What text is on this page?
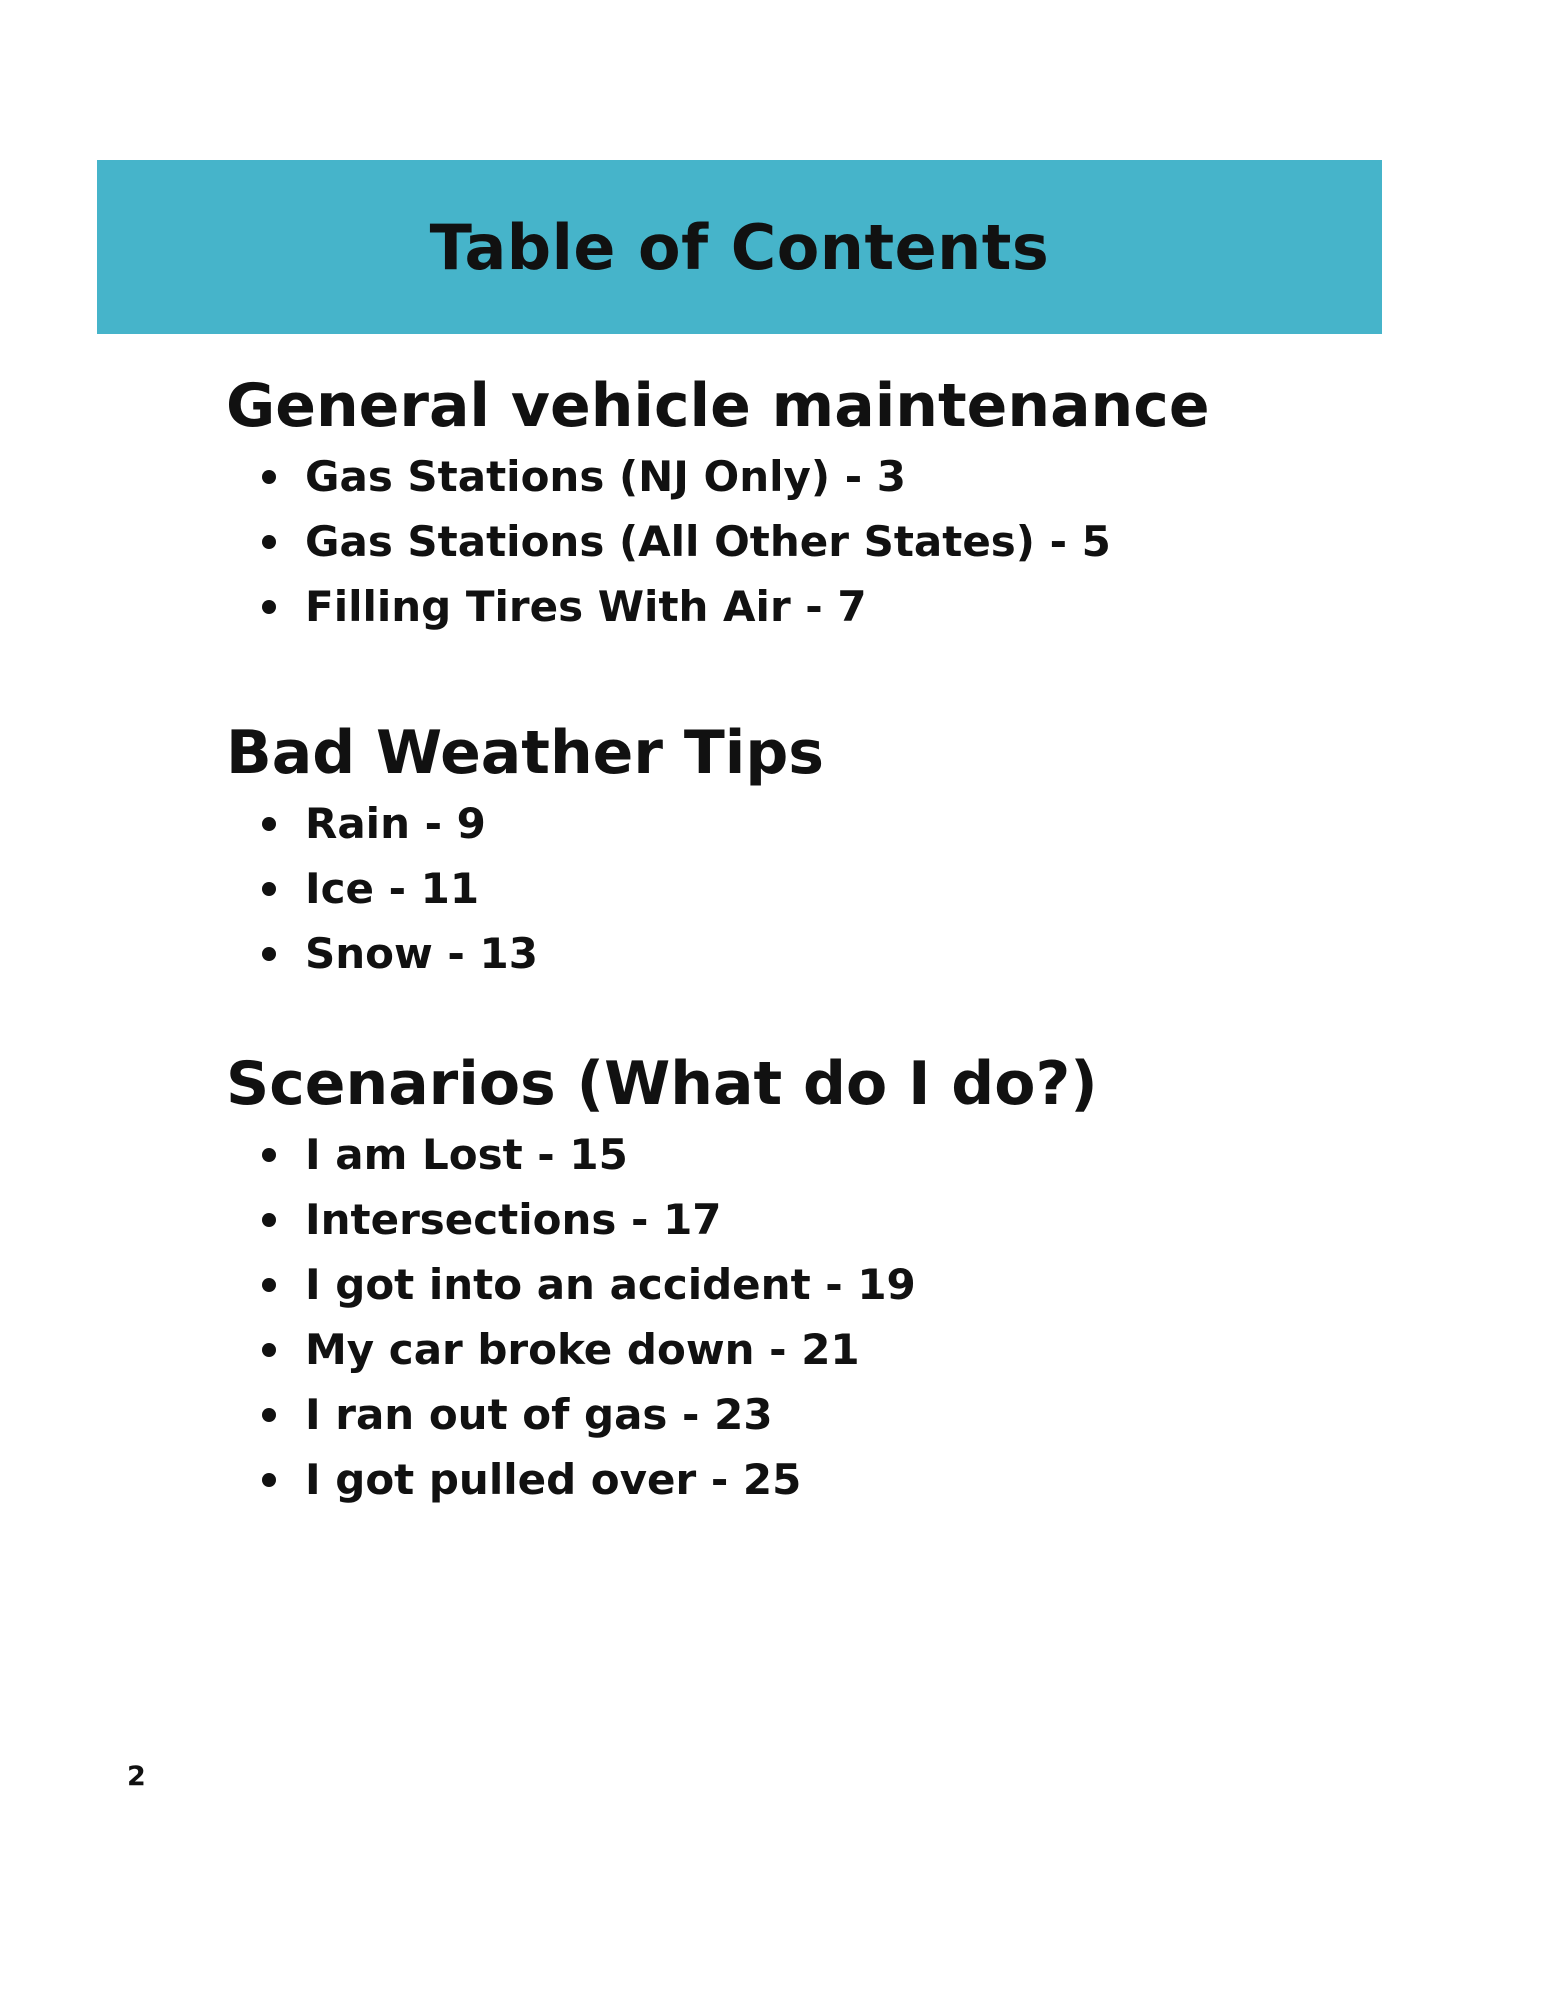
Table of Contents
General vehicle maintenance
Gas Stations (NJ Only) - 3
Gas Stations (All Other States) - 5
Filling Tires With Air - 7
Bad Weather Tips
Rain - 9
Ice - 11
Snow - 13
Scenarios (What do I do?)
I am Lost - 15
Intersections - 17
I got into an accident - 19
My car broke down - 21
I ran out of gas - 23
I got pulled over - 25
2
